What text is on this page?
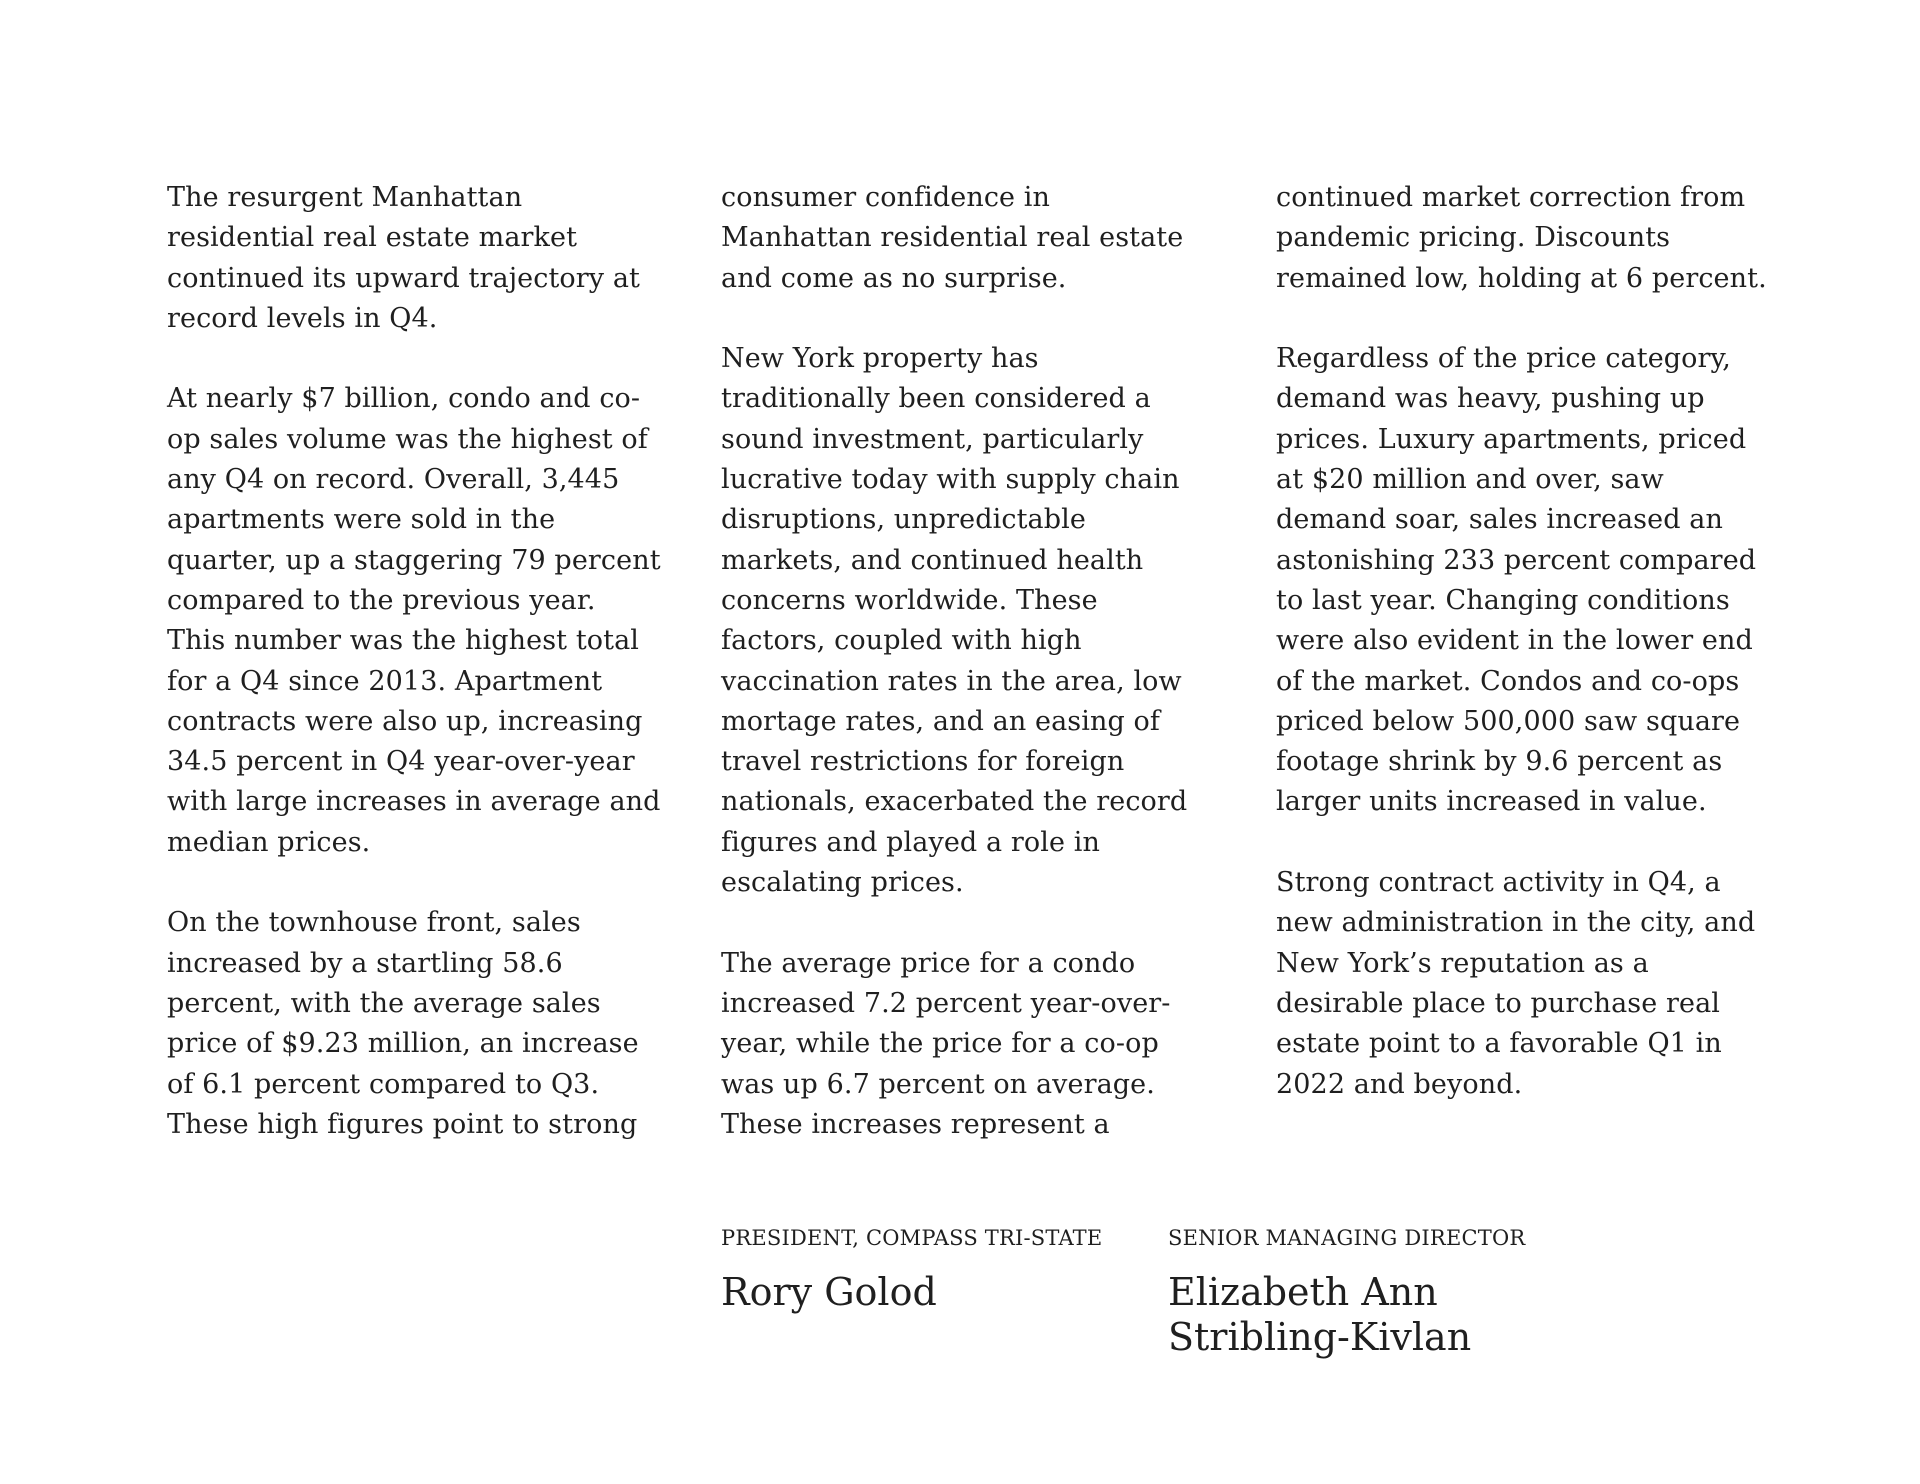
The resurgent Manhattan
residential real estate market
continued its upward trajectory at
record levels in Q4.

At nearly $7 billion, condo and co-
op sales volume was the highest of
any Q4 on record. Overall, 3,445
apartments were sold in the
quarter, up a staggering 79 percent
compared to the previous year.
This number was the highest total
for a Q4 since 2013. Apartment
contracts were also up, increasing
34.5 percent in Q4 year-over-year
with large increases in average and
median prices.

On the townhouse front, sales
increased by a startling 58.6
percent, with the average sales
price of $9.23 million, an increase
of 6.1 percent compared to Q3.
These high figures point to strong

consumer confidence in
Manhattan residential real estate
and come as no surprise.

New York property has
traditionally been considered a
sound investment, particularly
lucrative today with supply chain
disruptions, unpredictable
markets, and continued health
concerns worldwide. These
factors, coupled with high
vaccination rates in the area, low
mortage rates, and an easing of
travel restrictions for foreign
nationals, exacerbated the record
figures and played a role in
escalating prices.

The average price for a condo
increased 7.2 percent year-over-
year, while the price for a co-op
was up 6.7 percent on average.
These increases represent a

continued market correction from
pandemic pricing. Discounts
remained low, holding at 6 percent.

Regardless of the price category,
demand was heavy, pushing up
prices. Luxury apartments, priced
at $20 million and over, saw
demand soar, sales increased an
astonishing 233 percent compared
to last year. Changing conditions
were also evident in the lower end
of the market. Condos and co-ops
priced below 500,000 saw square
footage shrink by 9.6 percent as
larger units increased in value.

Strong contract activity in Q4, a
new administration in the city, and
New York’s reputation as a
desirable place to purchase real
estate point to a favorable Q1 in
2022 and beyond.

PRESIDENT, COMPASS TRI-STATE

Rory Golod

SENIOR MANAGING DIRECTOR

Elizabeth Ann
Stribling-Kivlan
